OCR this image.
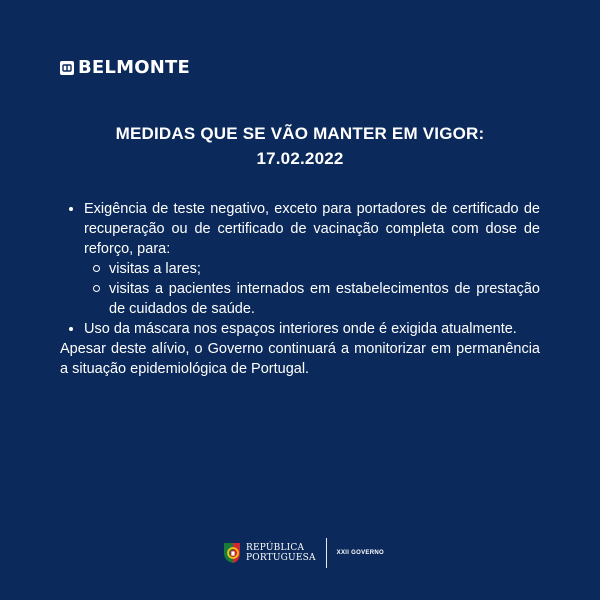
BELMONTE
MEDIDAS QUE SE VÃO MANTER EM VIGOR:
17.02.2022
Exigência de teste negativo, exceto para portadores de certificado de recuperação ou de certificado de vacinação completa com dose de reforço, para:
visitas a lares;
visitas a pacientes internados em estabelecimentos de prestação de cuidados de saúde.
Uso da máscara nos espaços interiores onde é exigida atualmente.

Apesar deste alívio, o Governo continuará a monitorizar em permanência a situação epidemiológica de Portugal.

REPÚBLICA
PORTUGUESA	XXII GOVERNO
